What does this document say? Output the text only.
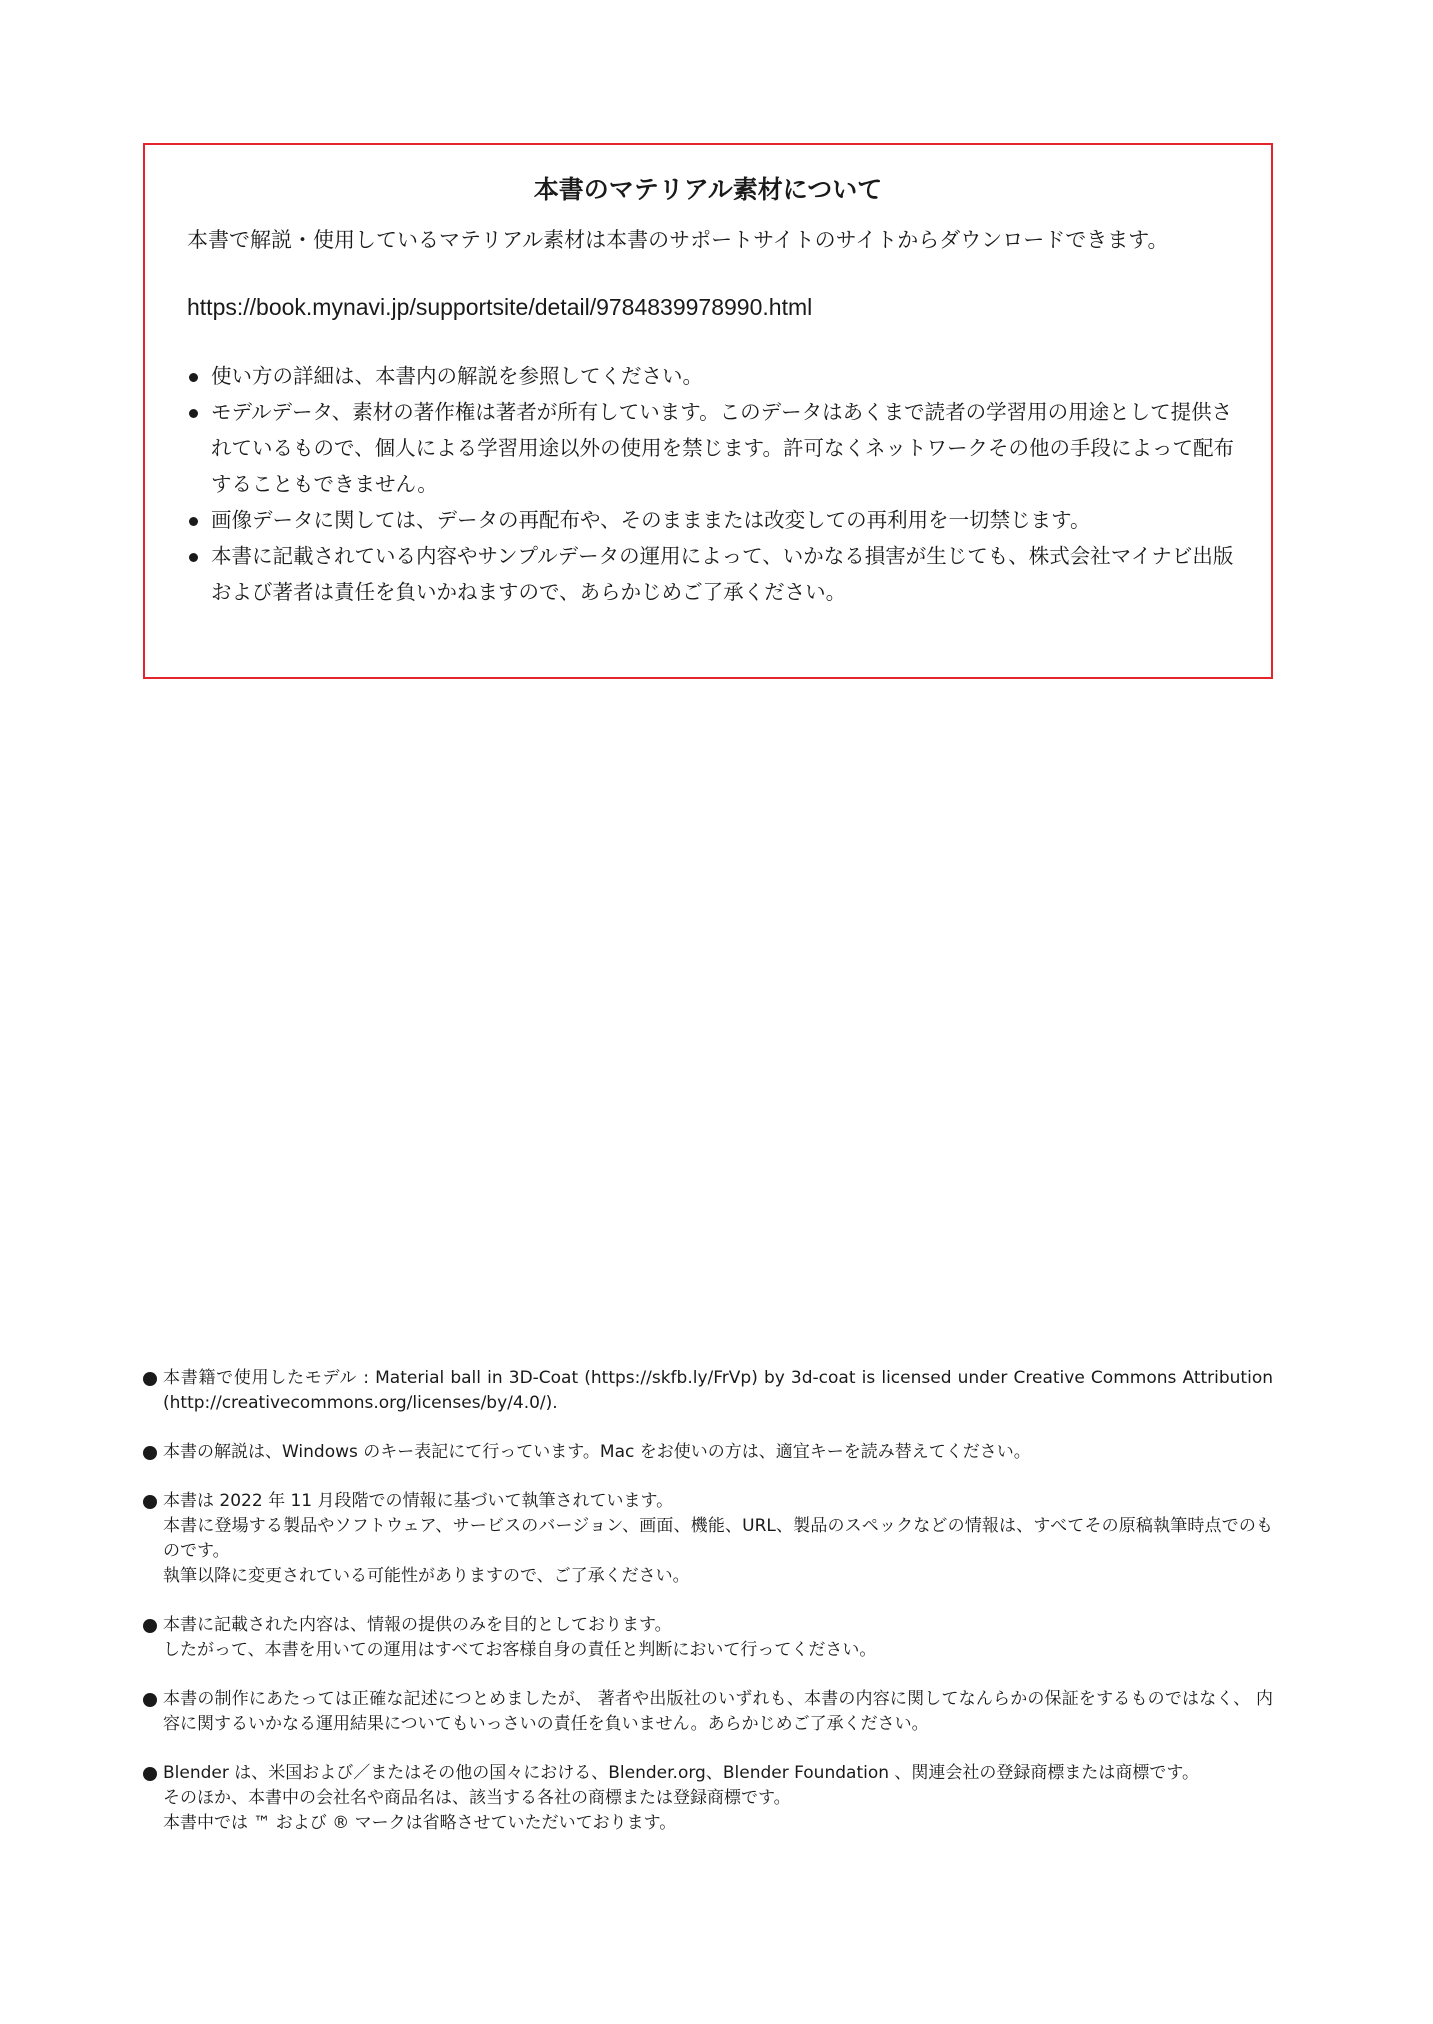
本書のマテリアル素材について

本書で解説・使用しているマテリアル素材は本書のサポートサイトのサイトからダウンロードできます。

https://book.mynavi.jp/supportsite/detail/9784839978990.html
使い方の詳細は、本書内の解説を参照してください。
モデルデータ、素材の著作権は著者が所有しています。このデータはあくまで読者の学習用の用途として提供されているもので、個人による学習用途以外の使用を禁じます。許可なくネットワークその他の手段によって配布することもできません。
画像データに関しては、データの再配布や、そのまままたは改変しての再利用を一切禁じます。
本書に記載されている内容やサンプルデータの運用によって、いかなる損害が生じても、株式会社マイナビ出版および著者は責任を負いかねますので、あらかじめご了承ください。
本書籍で使用したモデル : Material ball in 3D-Coat (https://skfb.ly/FrVp) by 3d-coat is licensed under Creative Commons Attribution (http://creativecommons.org/licenses/by/4.0/).
本書の解説は、Windows のキー表記にて行っています。Mac をお使いの方は、適宜キーを読み替えてください。
本書は 2022 年 11 月段階での情報に基づいて執筆されています。
本書に登場する製品やソフトウェア、サービスのバージョン、画面、機能、URL、製品のスペックなどの情報は、すべてその原稿執筆時点でのものです。
執筆以降に変更されている可能性がありますので、ご了承ください。
本書に記載された内容は、情報の提供のみを目的としております。
したがって、本書を用いての運用はすべてお客様自身の責任と判断において行ってください。
本書の制作にあたっては正確な記述につとめましたが、 著者や出版社のいずれも、本書の内容に関してなんらかの保証をするものではなく、 内容に関するいかなる運用結果についてもいっさいの責任を負いません。あらかじめご了承ください。
Blender は、米国および／またはその他の国々における、Blender.org、Blender Foundation 、関連会社の登録商標または商標です。
そのほか、本書中の会社名や商品名は、該当する各社の商標または登録商標です。
本書中では ™ および ® マークは省略させていただいております。
